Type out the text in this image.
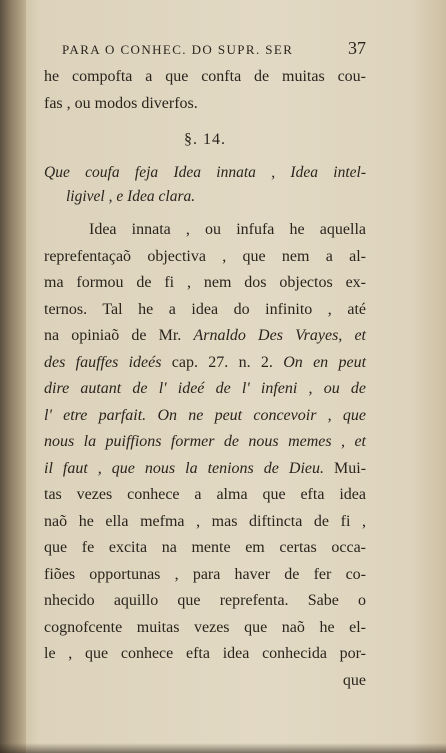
PARA O CONHEC. DO SUPR. SER	37
he compofta a que confta de muitas cou-
fas , ou modos diverfos.
§. 14.
Que coufa feja Idea innata , Idea intel-
ligivel , e Idea clara.
Idea innata , ou infufa he aquella
reprefentaçaõ objectiva , que nem a al-
ma formou de fi , nem dos objectos ex-
ternos. Tal he a idea do infinito , até
na opiniaõ de Mr. Arnaldo Des Vrayes, et
des fauffes ideés cap. 27. n. 2. On en peut
dire autant de l' ideé de l' infeni , ou de
l' etre parfait. On ne peut concevoir , que
nous la puiffions former de nous memes , et
il faut , que nous la tenions de Dieu. Mui-
tas vezes conhece a alma que efta idea
naõ he ella mefma , mas diftincta de fi ,
que fe excita na mente em certas occa-
fiões opportunas , para haver de fer co-
nhecido aquillo que reprefenta. Sabe o
cognofcente muitas vezes que naõ he el-
le , que conhece efta idea conhecida por-
que
